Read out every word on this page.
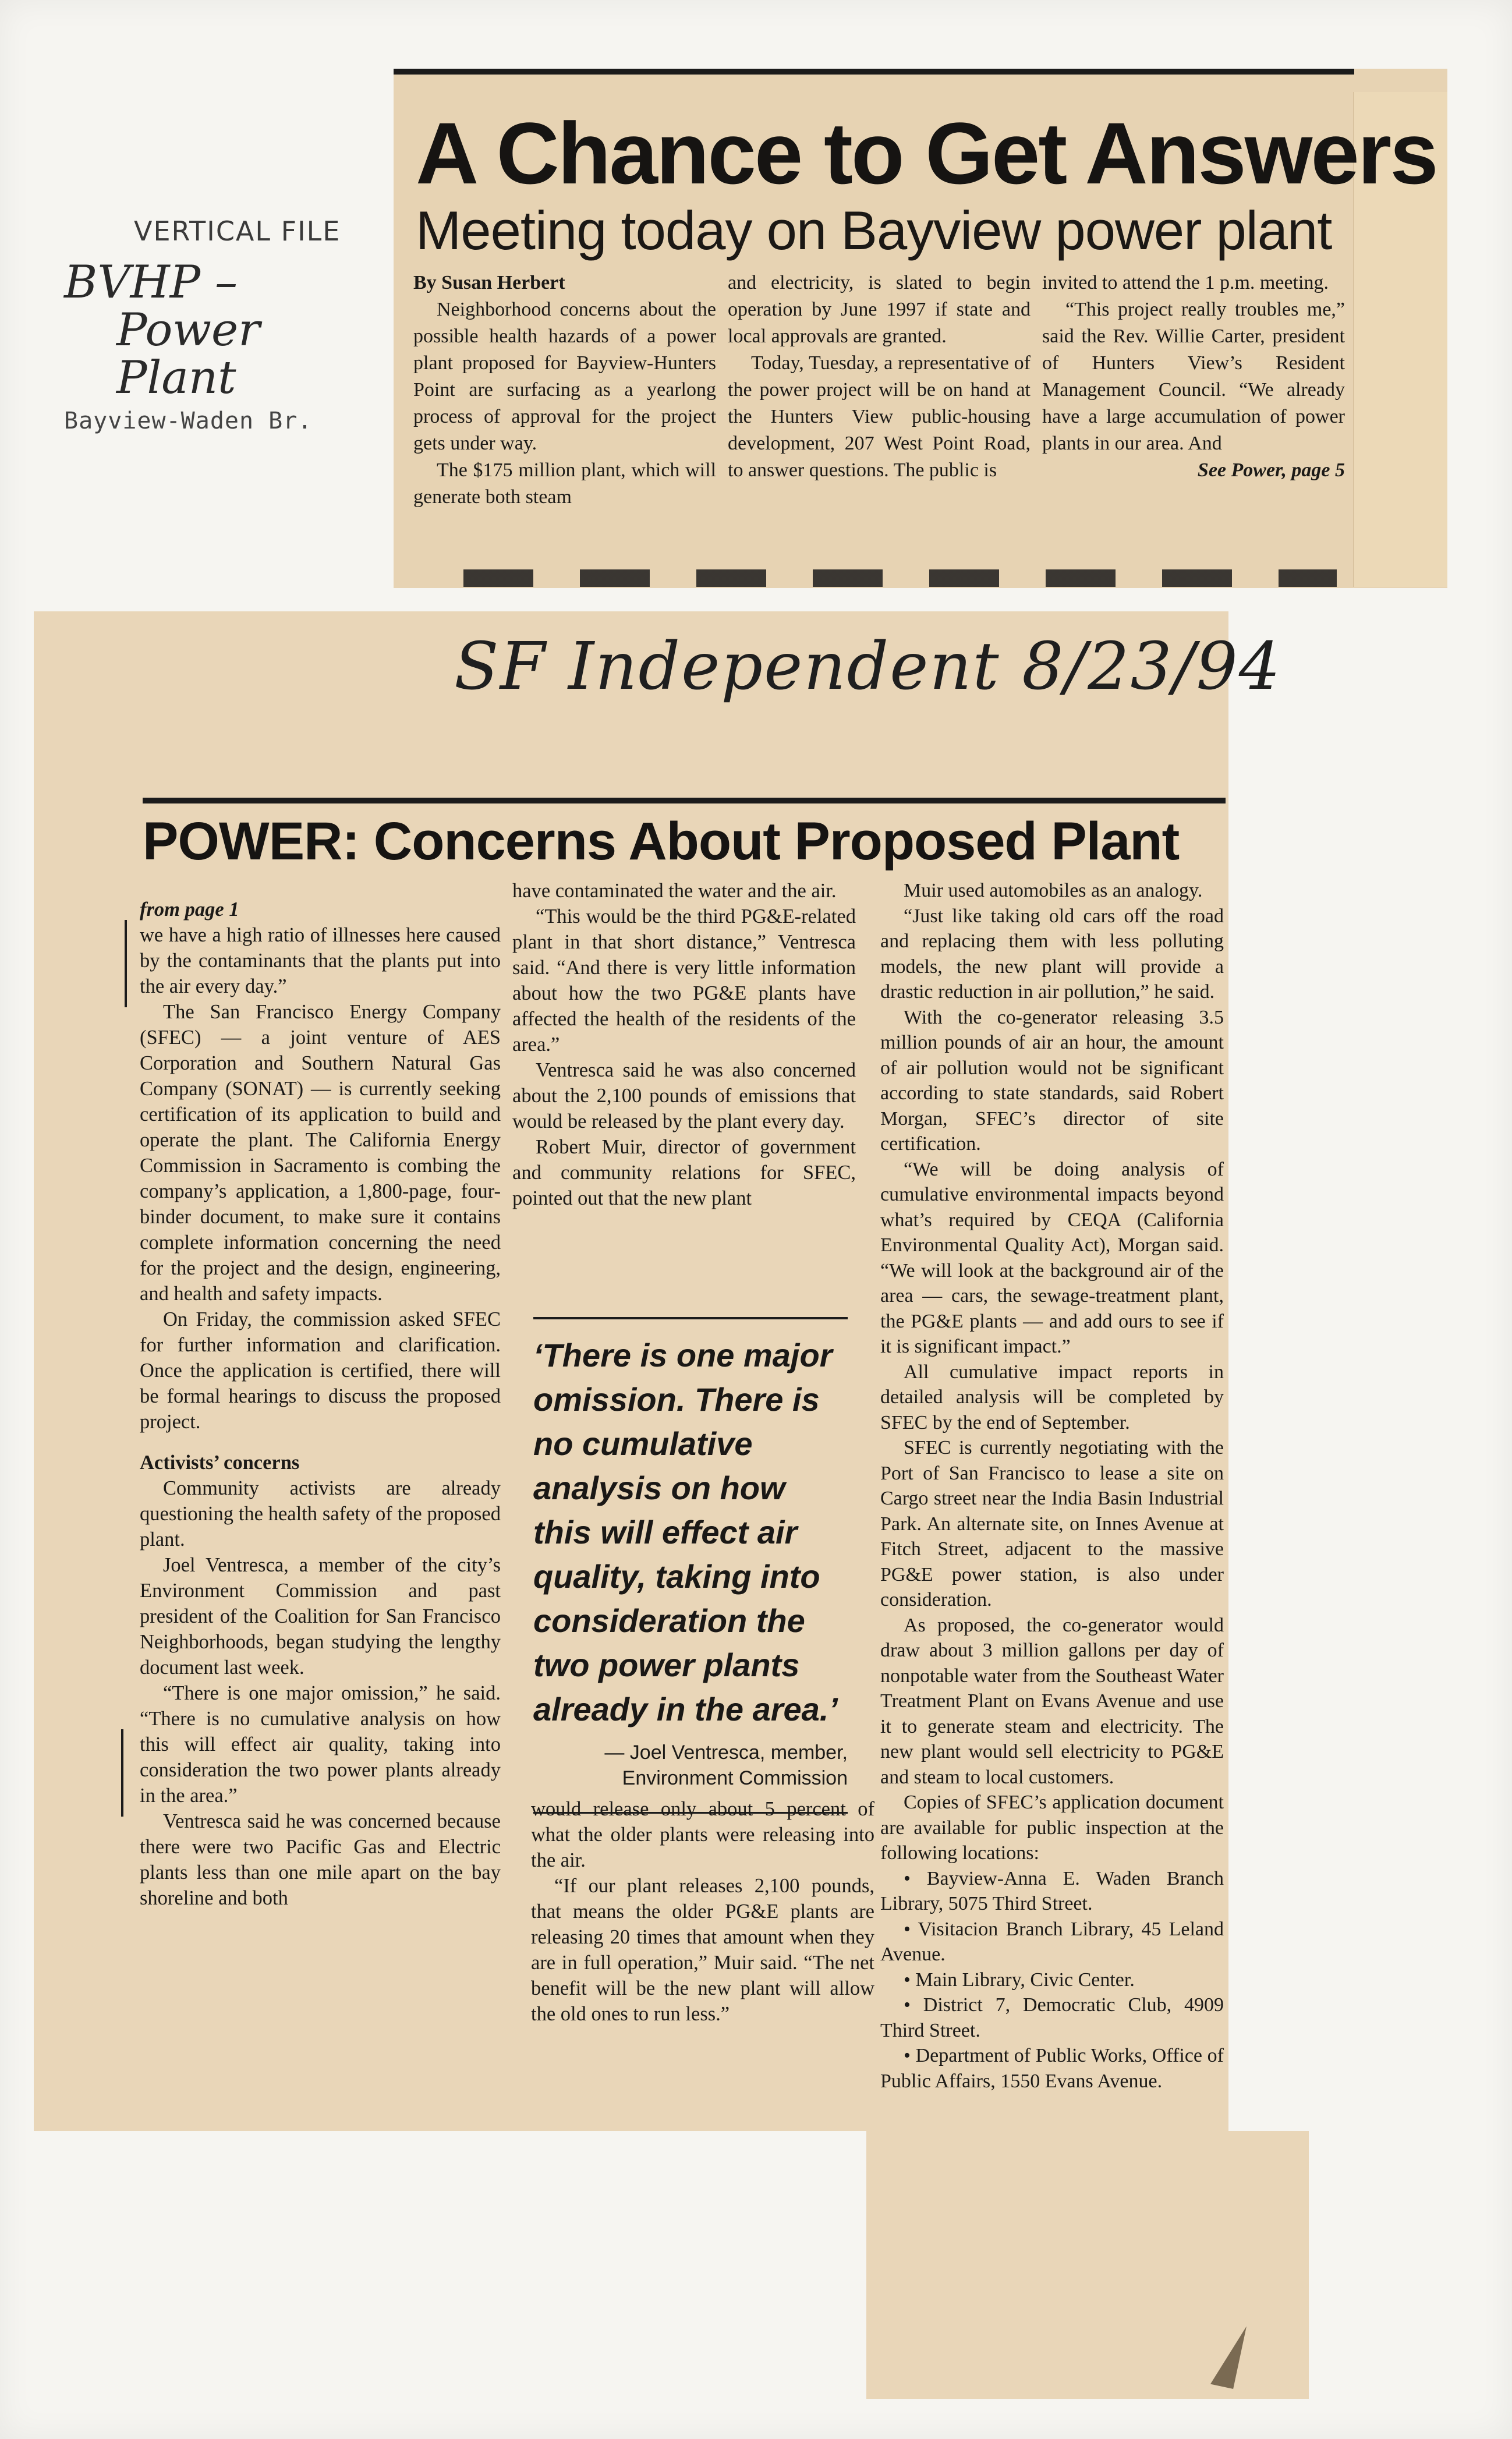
VERTICAL FILE
BVHP –
Power Plant
Bayview-Waden Br.
A Chance to Get Answers
Meeting today on Bayview power plant

By Susan Herbert

Neighborhood concerns about the possible health hazards of a power plant proposed for Bayview-Hunters Point are surfacing as a yearlong process of approval for the project gets under way.

The $175 million plant, which will generate both steam

and electricity, is slated to begin operation by June 1997 if state and local approvals are granted.

Today, Tuesday, a representative of the power project will be on hand at the Hunters View public-housing development, 207 West Point Road, to answer questions. The public is

invited to attend the 1 p.m. meeting.

“This project really troubles me,” said the Rev. Willie Carter, president of Hunters View’s Resident Management Council. “We already have a large accumulation of power plants in our area. And

See Power, page 5

SF Independent 8/23/94
POWER: Concerns About Proposed Plant

from page 1

we have a high ratio of illnesses here caused by the contaminants that the plants put into the air every day.”

The San Francisco Energy Company (SFEC) — a joint venture of AES Corporation and Southern Natural Gas Company (SONAT) — is currently seeking certification of its application to build and operate the plant. The California Energy Commission in Sacramento is combing the company’s application, a 1,800-page, four-binder document, to make sure it contains complete information concerning the need for the project and the design, engineering, and health and safety impacts.

On Friday, the commission asked SFEC for further information and clarification. Once the application is certified, there will be formal hearings to discuss the proposed project.

Activists’ concerns

Community activists are already questioning the health safety of the proposed plant.

Joel Ventresca, a member of the city’s Environment Commission and past president of the Coalition for San Francisco Neighborhoods, began studying the lengthy document last week.

“There is one major omission,” he said. “There is no cumulative analysis on how this will effect air quality, taking into consideration the two power plants already in the area.”

Ventresca said he was concerned because there were two Pacific Gas and Electric plants less than one mile apart on the bay shoreline and both

have contaminated the water and the air.

“This would be the third PG&E-related plant in that short distance,” Ventresca said. “And there is very little information about how the two PG&E plants have affected the health of the residents of the area.”

Ventresca said he was also concerned about the 2,100 pounds of emissions that would be released by the plant every day.

Robert Muir, director of government and community relations for SFEC, pointed out that the new plant

‘There is one major omission. There is no cumulative analysis on how this will effect air quality, taking into consideration the two power plants already in the area.’
— Joel Ventresca, member,
Environment Commission

would release only about 5 percent of what the older plants were releasing into the air.

“If our plant releases 2,100 pounds, that means the older PG&E plants are releasing 20 times that amount when they are in full operation,” Muir said. “The net benefit will be the new plant will allow the old ones to run less.”

Muir used automobiles as an analogy.

“Just like taking old cars off the road and replacing them with less polluting models, the new plant will provide a drastic reduction in air pollution,” he said.

With the co-generator releasing 3.5 million pounds of air an hour, the amount of air pollution would not be significant according to state standards, said Robert Morgan, SFEC’s director of site certification.

“We will be doing analysis of cumulative environmental impacts beyond what’s required by CEQA (California Environmental Quality Act), Morgan said. “We will look at the background air of the area — cars, the sewage-treatment plant, the PG&E plants — and add ours to see if it is significant impact.”

All cumulative impact reports in detailed analysis will be completed by SFEC by the end of September.

SFEC is currently negotiating with the Port of San Francisco to lease a site on Cargo street near the India Basin Industrial Park. An alternate site, on Innes Avenue at Fitch Street, adjacent to the massive PG&E power station, is also under consideration.

As proposed, the co-generator would draw about 3 million gallons per day of nonpotable water from the Southeast Water Treatment Plant on Evans Avenue and use it to generate steam and electricity. The new plant would sell electricity to PG&E and steam to local customers.

Copies of SFEC’s application document are available for public inspection at the following locations:

• Bayview-Anna E. Waden Branch Library, 5075 Third Street.

• Visitacion Branch Library, 45 Leland Avenue.

• Main Library, Civic Center.

• District 7, Democratic Club, 4909 Third Street.

• Department of Public Works, Office of Public Affairs, 1550 Evans Avenue.
